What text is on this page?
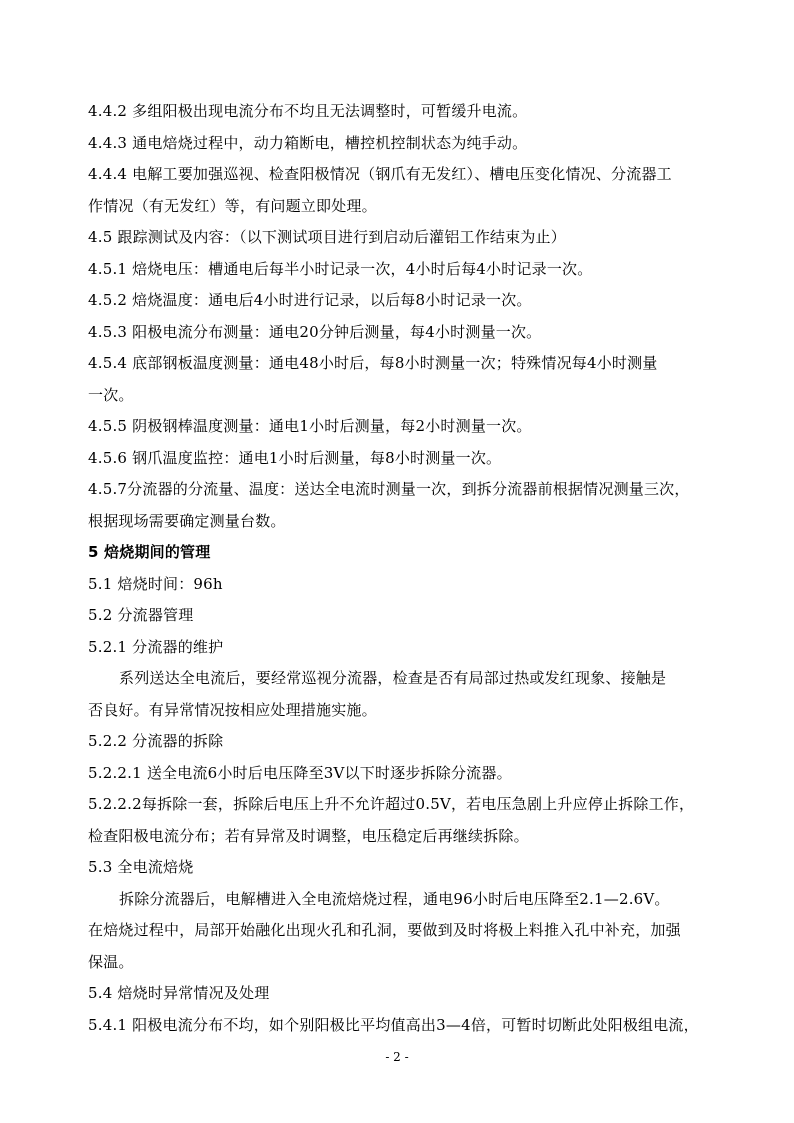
4.4.2 多组阳极出现电流分布不均且无法调整时，可暂缓升电流。
4.4.3 通电焙烧过程中，动力箱断电，槽控机控制状态为纯手动。
4.4.4 电解工要加强巡视、检查阳极情况（钢爪有无发红）、槽电压变化情况、分流器工
作情况（有无发红）等，有问题立即处理。
4.5 跟踪测试及内容：（以下测试项目进行到启动后灌铝工作结束为止）
4.5.1 焙烧电压：槽通电后每半小时记录一次，4小时后每4小时记录一次。
4.5.2 焙烧温度：通电后4小时进行记录，以后每8小时记录一次。
4.5.3 阳极电流分布测量：通电20分钟后测量，每4小时测量一次。
4.5.4 底部钢板温度测量：通电48小时后，每8小时测量一次；特殊情况每4小时测量
一次。
4.5.5 阴极钢棒温度测量：通电1小时后测量，每2小时测量一次。
4.5.6 钢爪温度监控：通电1小时后测量，每8小时测量一次。
4.5.7分流器的分流量、温度：送达全电流时测量一次，到拆分流器前根据情况测量三次，
根据现场需要确定测量台数。
5 焙烧期间的管理
5.1 焙烧时间：96h
5.2 分流器管理
5.2.1 分流器的维护
系列送达全电流后，要经常巡视分流器，检查是否有局部过热或发红现象、接触是
否良好。有异常情况按相应处理措施实施。
5.2.2 分流器的拆除
5.2.2.1 送全电流6小时后电压降至3V以下时逐步拆除分流器。
5.2.2.2每拆除一套，拆除后电压上升不允许超过0.5V，若电压急剧上升应停止拆除工作，
检查阳极电流分布；若有异常及时调整，电压稳定后再继续拆除。
5.3 全电流焙烧
拆除分流器后，电解槽进入全电流焙烧过程，通电96小时后电压降至2.1—2.6V。
在焙烧过程中，局部开始融化出现火孔和孔洞，要做到及时将极上料推入孔中补充，加强
保温。
5.4 焙烧时异常情况及处理
5.4.1 阳极电流分布不均，如个别阳极比平均值高出3—4倍，可暂时切断此处阳极组电流，
- 2 -
